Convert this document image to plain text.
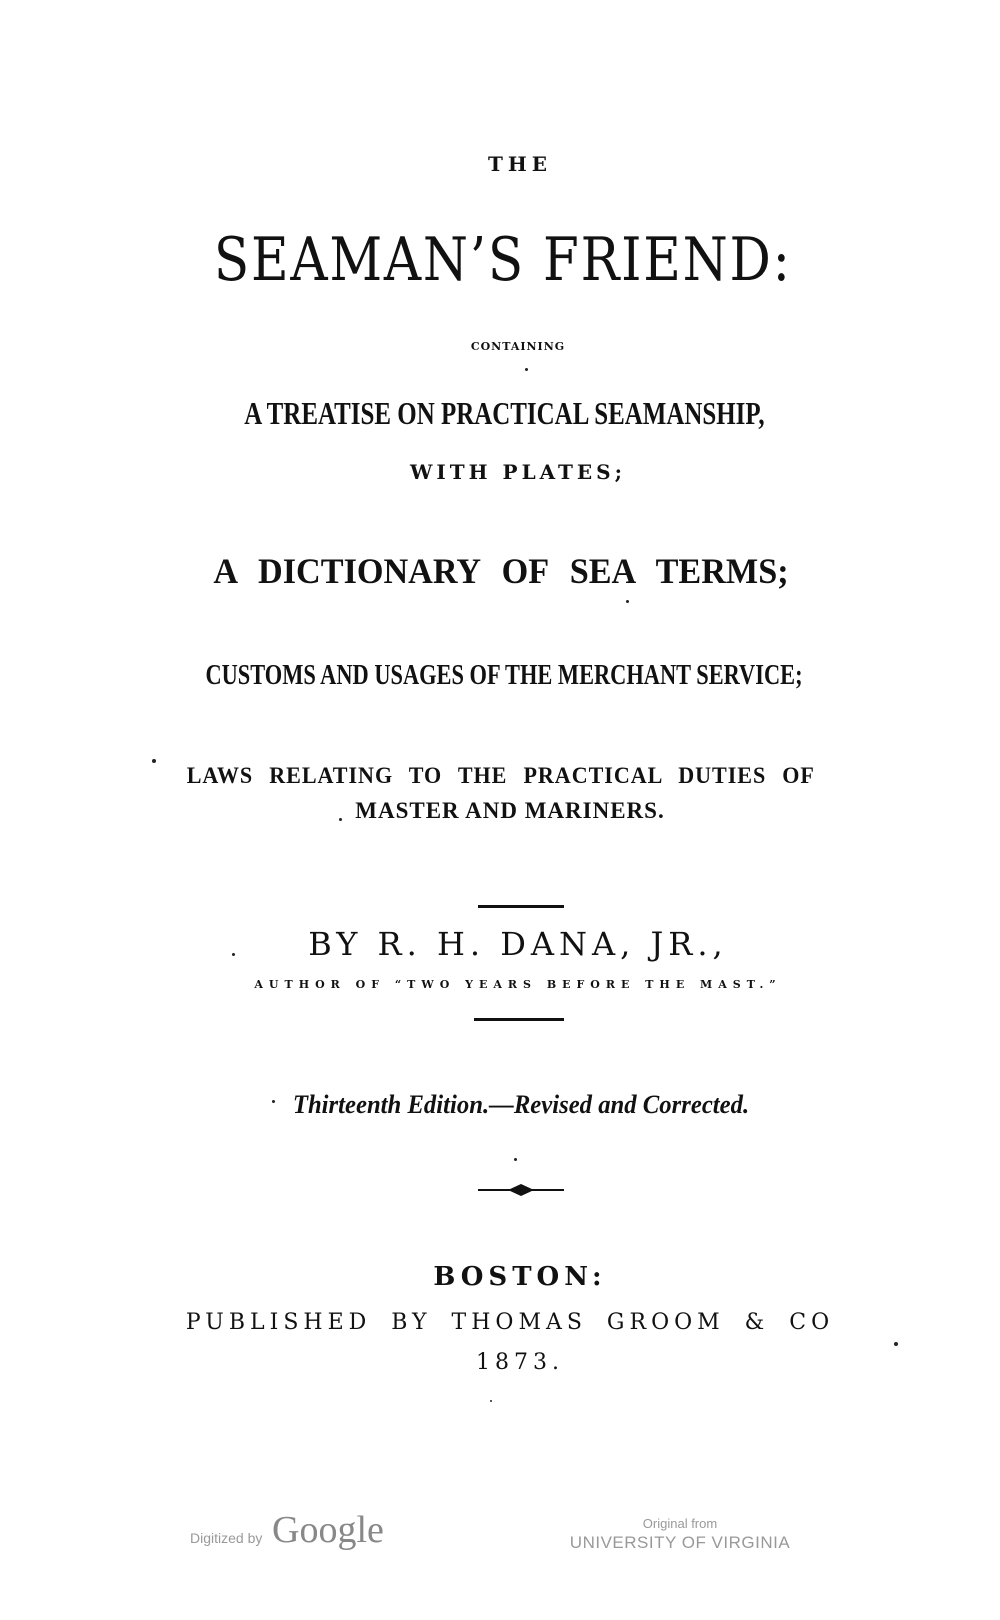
THE
SEAMAN’S FRIEND:
CONTAINING
A TREATISE ON PRACTICAL SEAMANSHIP,
WITH PLATES;
A DICTIONARY OF SEA TERMS;
CUSTOMS AND USAGES OF THE MERCHANT SERVICE;
LAWS RELATING TO THE PRACTICAL DUTIES OF
MASTER AND MARINERS.
BY R. H. DANA, JR.,
AUTHOR OF “TWO YEARS BEFORE THE MAST.”
Thirteenth Edition.—Revised and Corrected.
BOSTON:
PUBLISHED BY THOMAS GROOM & CO
1873.
Digitized by Google	Original from
UNIVERSITY OF VIRGINIA
